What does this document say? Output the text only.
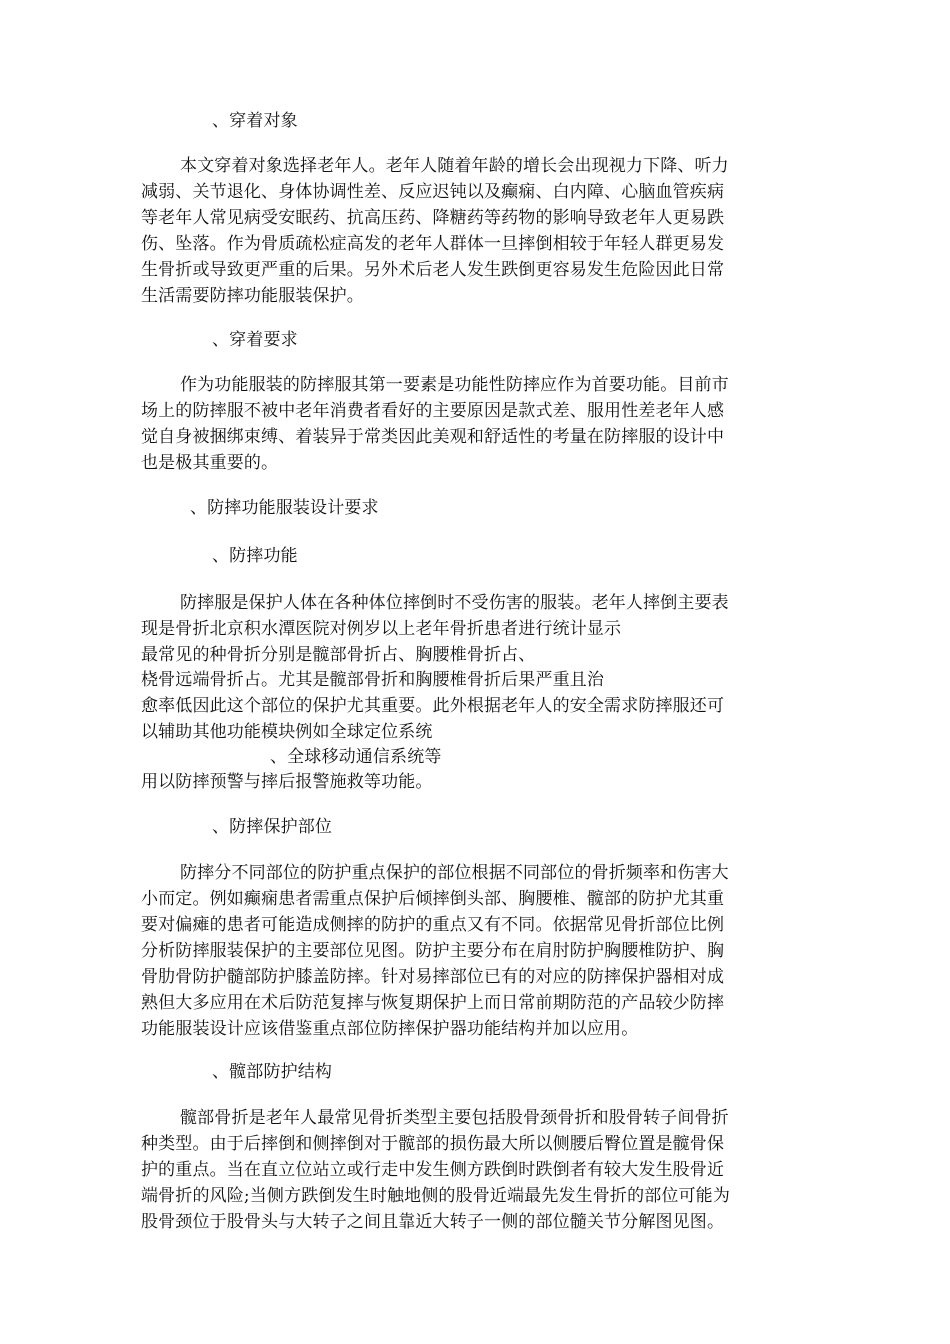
、穿着对象

本文穿着对象选择老年人。老年人随着年龄的增长会出现视力下降、听力

减弱、关节退化、身体协调性差、反应迟钝以及癫痫、白内障、心脑血管疾病

等老年人常见病受安眠药、抗高压药、降糖药等药物的影响导致老年人更易跌

伤、坠落。作为骨质疏松症高发的老年人群体一旦摔倒相较于年轻人群更易发

生骨折或导致更严重的后果。另外术后老人发生跌倒更容易发生危险因此日常

生活需要防摔功能服装保护。

、穿着要求

作为功能服装的防摔服其第一要素是功能性防摔应作为首要功能。目前市

场上的防摔服不被中老年消费者看好的主要原因是款式差、服用性差老年人感

觉自身被捆绑束缚、着装异于常类因此美观和舒适性的考量在防摔服的设计中

也是极其重要的。

、防摔功能服装设计要求

、防摔功能

防摔服是保护人体在各种体位摔倒时不受伤害的服装。老年人摔倒主要表

现是骨折北京积水潭医院对例岁以上老年骨折患者进行统计显示

最常见的种骨折分别是髋部骨折占、胸腰椎骨折占、

桡骨远端骨折占。尤其是髋部骨折和胸腰椎骨折后果严重且治

愈率低因此这个部位的保护尤其重要。此外根据老年人的安全需求防摔服还可

以辅助其他功能模块例如全球定位系统

、全球移动通信系统等

用以防摔预警与摔后报警施救等功能。

、防摔保护部位

防摔分不同部位的防护重点保护的部位根据不同部位的骨折频率和伤害大

小而定。例如癫痫患者需重点保护后倾摔倒头部、胸腰椎、髋部的防护尤其重

要对偏瘫的患者可能造成侧摔的防护的重点又有不同。依据常见骨折部位比例

分析防摔服装保护的主要部位见图。防护主要分布在肩肘防护胸腰椎防护、胸

骨肋骨防护髓部防护膝盖防摔。针对易摔部位已有的对应的防摔保护器相对成

熟但大多应用在术后防范复摔与恢复期保护上而日常前期防范的产品较少防摔

功能服装设计应该借鉴重点部位防摔保护器功能结构并加以应用。

、髋部防护结构

髋部骨折是老年人最常见骨折类型主要包括股骨颈骨折和股骨转子间骨折

种类型。由于后摔倒和侧摔倒对于髋部的损伤最大所以侧腰后臀位置是髋骨保

护的重点。当在直立位站立或行走中发生侧方跌倒时跌倒者有较大发生股骨近

端骨折的风险;当侧方跌倒发生时触地侧的股骨近端最先发生骨折的部位可能为

股骨颈位于股骨头与大转子之间且靠近大转子一侧的部位髓关节分解图见图。
